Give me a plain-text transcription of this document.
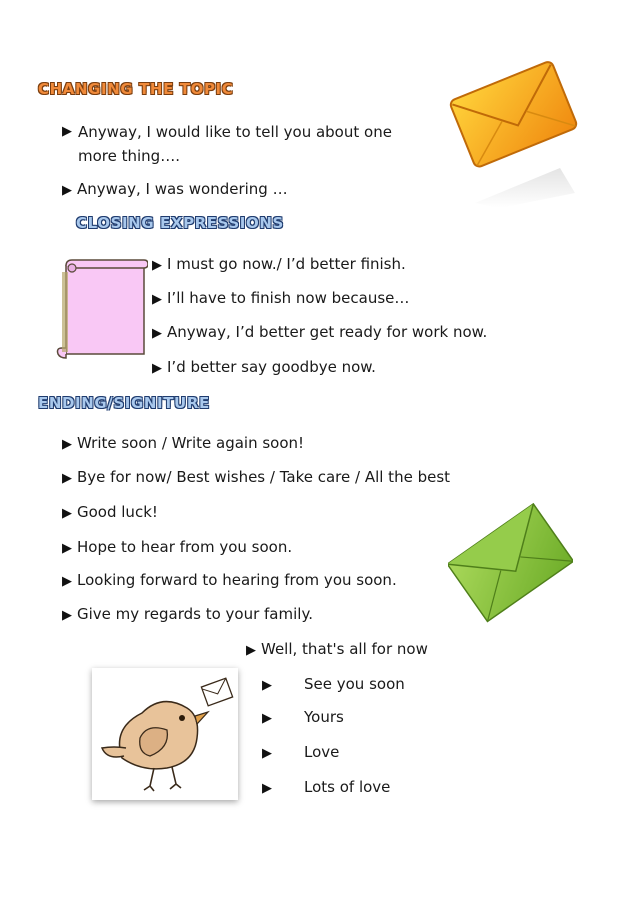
CHANGING THE TOPIC
▶ Anyway, I would like to tell you about one more thing….
▶ Anyway, I was wondering …
CLOSING EXPRESSIONS
▶ I must go now./ I’d better finish.
▶ I’ll have to finish now because…
▶ Anyway, I’d better get ready for work now.
▶ I’d better say goodbye now.
ENDING/SIGNITURE
▶ Write soon / Write again soon!
▶ Bye for now/ Best wishes / Take care / All the best
▶ Good luck!
▶ Hope to hear from you soon.
▶ Looking forward to hearing from you soon.
▶ Give my regards to your family.
▶ Well, that's all for now
▶	See you soon
▶	Yours
▶	Love
▶	Lots of love
